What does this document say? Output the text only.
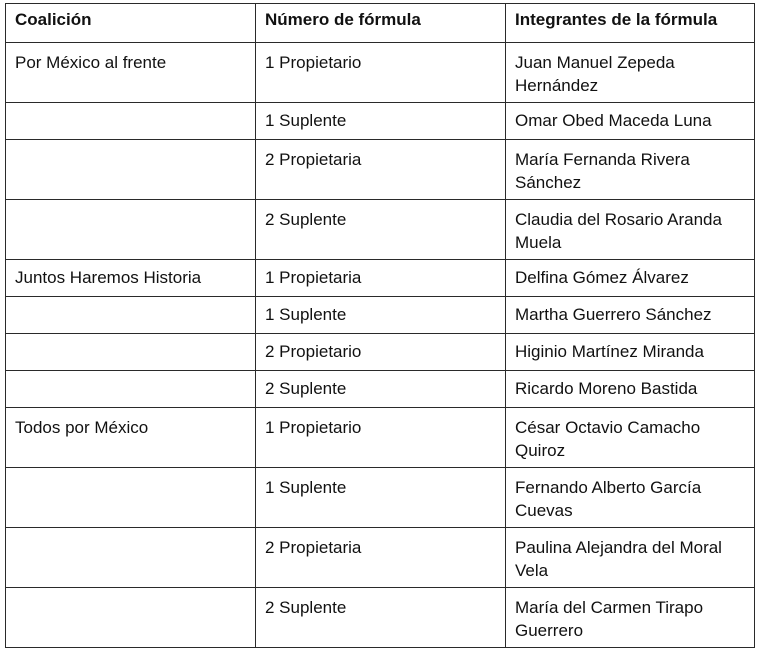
Coalición	Número de fórmula	Integrantes de la fórmula
Por México al frente	1 Propietario	Juan Manuel Zepeda Hernández
	1 Suplente	Omar Obed Maceda Luna
	2 Propietaria	María Fernanda Rivera Sánchez
	2 Suplente	Claudia del Rosario Aranda Muela
Juntos Haremos Historia	1 Propietaria	Delfina Gómez Álvarez
	1 Suplente	Martha Guerrero Sánchez
	2 Propietario	Higinio Martínez Miranda
	2 Suplente	Ricardo Moreno Bastida
Todos por México	1 Propietario	César Octavio Camacho Quiroz
	1 Suplente	Fernando Alberto García Cuevas
	2 Propietaria	Paulina Alejandra del Moral Vela
	2 Suplente	María del Carmen Tirapo Guerrero
